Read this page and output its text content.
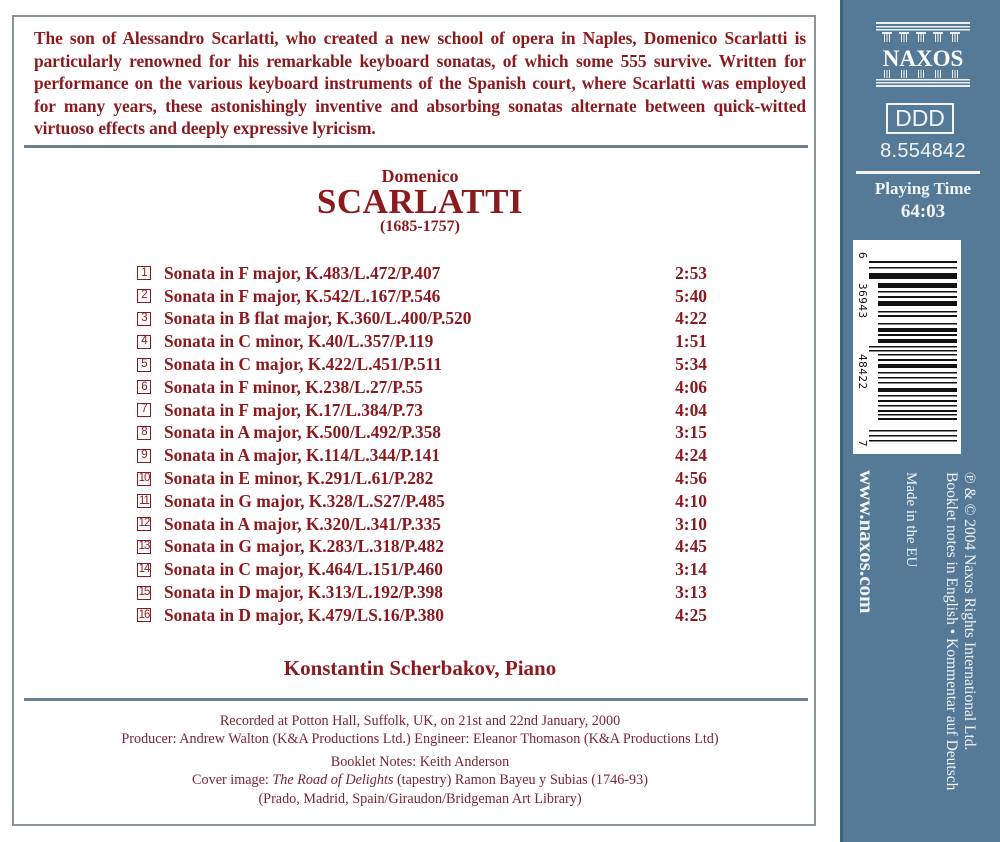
The son of Alessandro Scarlatti, who created a new school of opera in Naples, Domenico Scarlatti is particularly renowned for his remarkable keyboard sonatas, of which some 555 survive. Written for performance on the various keyboard instruments of the Spanish court, where Scarlatti was employed for many years, these astonishingly inventive and absorbing sonatas alternate between quick-witted virtuoso effects and deeply expressive lyricism.
Domenico
SCARLATTI
(1685-1757)
1 Sonata in F major, K.483/L.472/P.407	2:53
2 Sonata in F major, K.542/L.167/P.546	5:40
3 Sonata in B flat major, K.360/L.400/P.520	4:22
4 Sonata in C minor, K.40/L.357/P.119	1:51
5 Sonata in C major, K.422/L.451/P.511	5:34
6 Sonata in F minor, K.238/L.27/P.55	4:06
7 Sonata in F major, K.17/L.384/P.73	4:04
8 Sonata in A major, K.500/L.492/P.358	3:15
9 Sonata in A major, K.114/L.344/P.141	4:24
10 Sonata in E minor, K.291/L.61/P.282	4:56
11 Sonata in G major, K.328/L.S27/P.485	4:10
12 Sonata in A major, K.320/L.341/P.335	3:10
13 Sonata in G major, K.283/L.318/P.482	4:45
14 Sonata in C major, K.464/L.151/P.460	3:14
15 Sonata in D major, K.313/L.192/P.398	3:13
16 Sonata in D major, K.479/LS.16/P.380	4:25
Konstantin Scherbakov, Piano
Recorded at Potton Hall, Suffolk, UK, on 21st and 22nd January, 2000
Producer: Andrew Walton (K&A Productions Ltd.) Engineer: Eleanor Thomason (K&A Productions Ltd)
Booklet Notes: Keith Anderson
Cover image: The Road of Delights (tapestry) Ramon Bayeu y Subias (1746-93)
(Prado, Madrid, Spain/Giraudon/Bridgeman Art Library)
NAXOS
DDD
8.554842
Playing Time
64:03
6
36943
48422
7
℗ & © 2004 Naxos Rights International Ltd.
Booklet notes in English • Kommentar auf Deutsch
Made in the EU
www.naxos.com
